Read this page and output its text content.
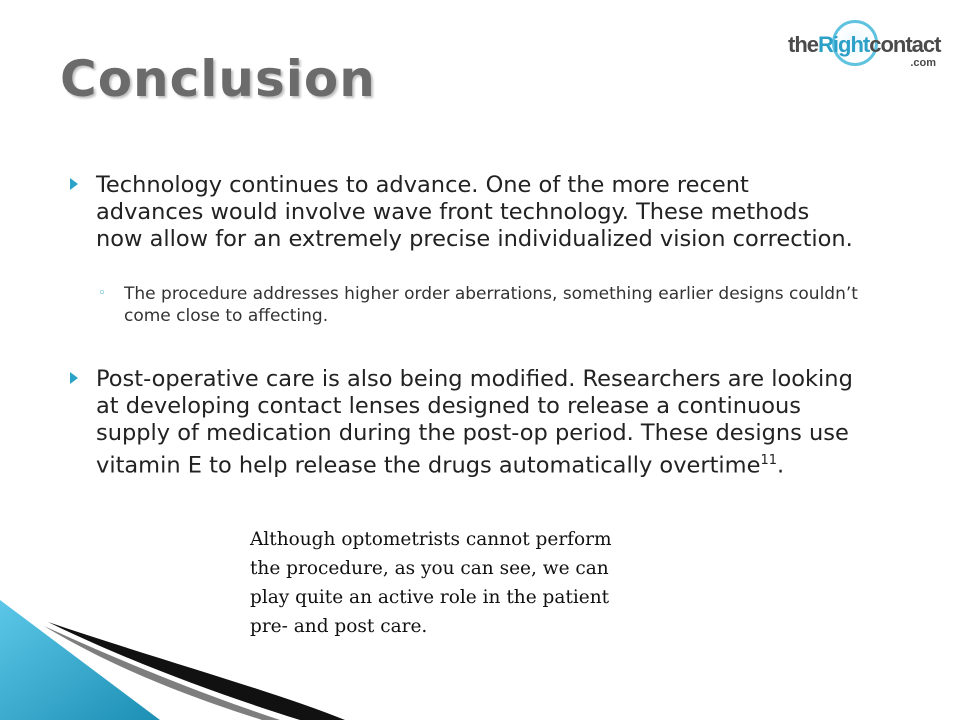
Conclusion
theRightcontact
.com
Technology continues to advance. One of the more recent advances would involve wave front technology. These methods now allow for an extremely precise individualized vision correction.
◦ The procedure addresses higher order aberrations, something earlier designs couldn’t come close to affecting.
Post-operative care is also being modified. Researchers are looking at developing contact lenses designed to release a continuous supply of medication during the post-op period. These designs use vitamin E to help release the drugs automatically overtime$^{11}$.
Although optometrists cannot perform
the procedure, as you can see, we can
play quite an active role in the patient
pre- and post care.
